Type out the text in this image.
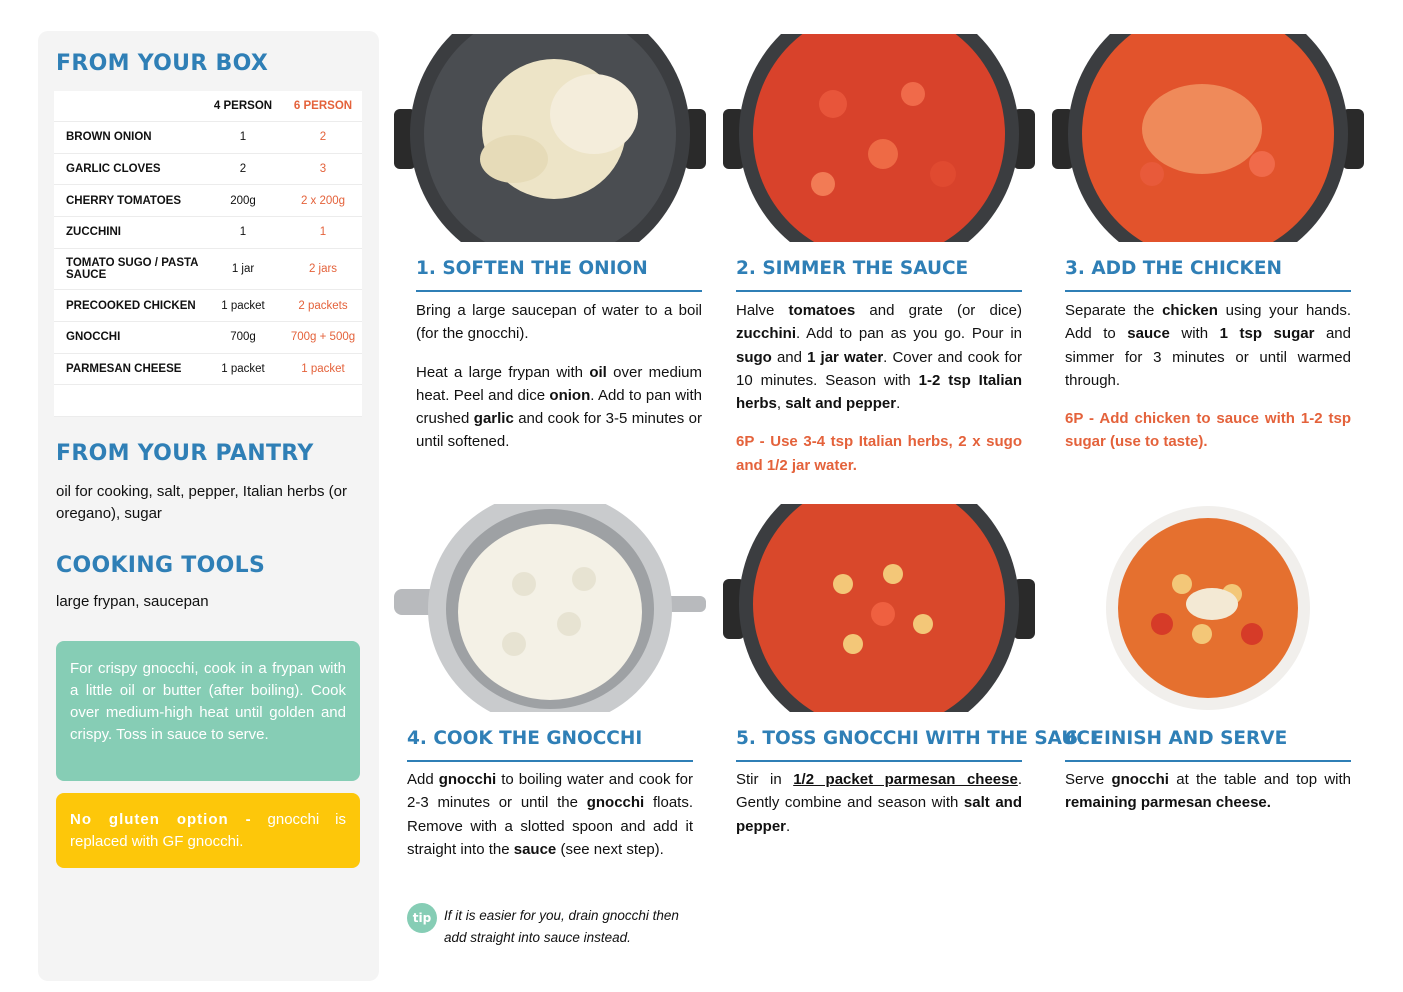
FROM YOUR BOX
	4 PERSON	6 PERSON
BROWN ONION	1	2
GARLIC CLOVES	2	3
CHERRY TOMATOES	200g	2 x 200g
ZUCCHINI	1	1
TOMATO SUGO / PASTA SAUCE	1 jar	2 jars
PRECOOKED CHICKEN	1 packet	2 packets
GNOCCHI	700g	700g + 500g
PARMESAN CHEESE	1 packet	1 packet

FROM YOUR PANTRY
oil for cooking, salt, pepper, Italian herbs (or oregano), sugar
COOKING TOOLS
large frypan, saucepan
For crispy gnocchi, cook in a frypan with a little oil or butter (after boiling). Cook over medium-high heat until golden and crispy. Toss in sauce to serve.
No gluten option - gnocchi is replaced with GF gnocchi.
1. SOFTEN THE ONION

Bring a large saucepan of water to a boil (for the gnocchi).

Heat a large frypan with oil over medium heat. Peel and dice onion. Add to pan with crushed garlic and cook for 3-5 minutes or until softened.

2. SIMMER THE SAUCE

Halve tomatoes and grate (or dice) zucchini. Add to pan as you go. Pour in sugo and 1 jar water. Cover and cook for 10 minutes. Season with 1-2 tsp Italian herbs, salt and pepper.

6P - Use 3-4 tsp Italian herbs, 2 x sugo and 1/2 jar water.

3. ADD THE CHICKEN

Separate the chicken using your hands. Add to sauce with 1 tsp sugar and simmer for 3 minutes or until warmed through.

6P - Add chicken to sauce with 1-2 tsp sugar (use to taste).

4. COOK THE GNOCCHI

Add gnocchi to boiling water and cook for 2-3 minutes or until the gnocchi floats. Remove with a slotted spoon and add it straight into the sauce (see next step).

tip If it is easier for you, drain gnocchi then add straight into sauce instead.
5. TOSS GNOCCHI WITH THE SAUCE

Stir in 1/2 packet parmesan cheese. Gently combine and season with salt and pepper.

6. FINISH AND SERVE

Serve gnocchi at the table and top with remaining parmesan cheese.
